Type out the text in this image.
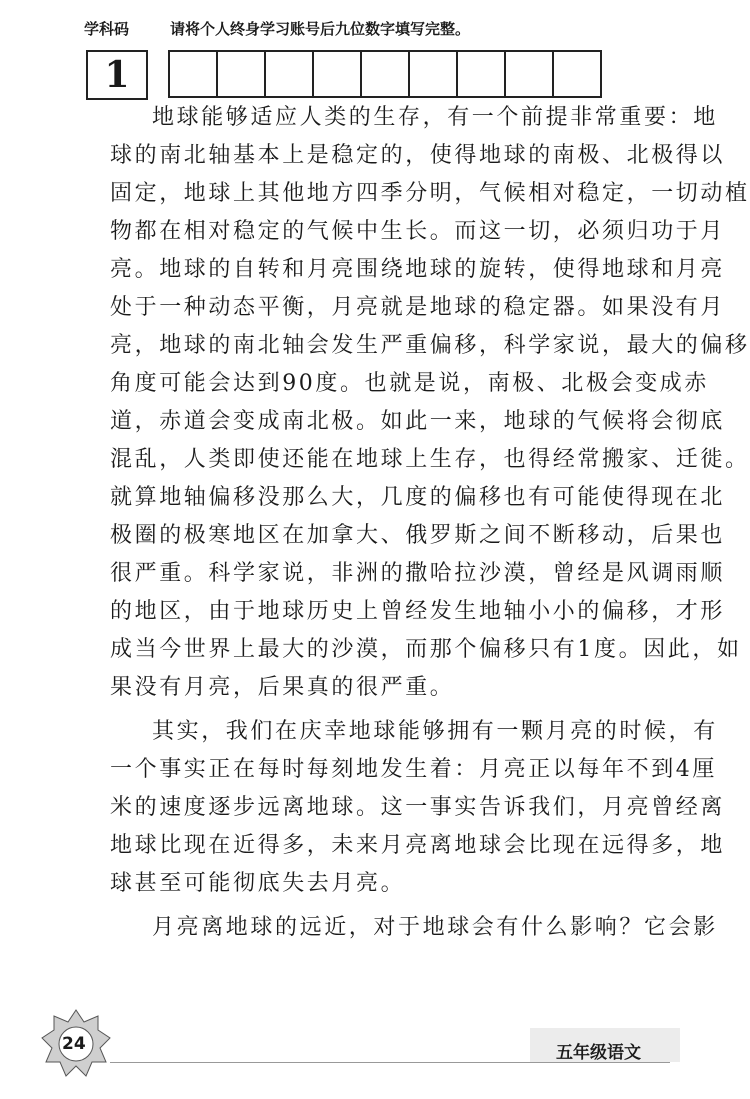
学科码	请将个人终身学习账号后九位数字填写完整。
1
地球能够适应人类的生存，有一个前提非常重要：地
球的南北轴基本上是稳定的，使得地球的南极、北极得以
固定，地球上其他地方四季分明，气候相对稳定，一切动植
物都在相对稳定的气候中生长。而这一切，必须归功于月
亮。地球的自转和月亮围绕地球的旋转，使得地球和月亮
处于一种动态平衡，月亮就是地球的稳定器。如果没有月
亮，地球的南北轴会发生严重偏移，科学家说，最大的偏移
角度可能会达到90度。也就是说，南极、北极会变成赤
道，赤道会变成南北极。如此一来，地球的气候将会彻底
混乱，人类即使还能在地球上生存，也得经常搬家、迁徙。
就算地轴偏移没那么大，几度的偏移也有可能使得现在北
极圈的极寒地区在加拿大、俄罗斯之间不断移动，后果也
很严重。科学家说，非洲的撒哈拉沙漠，曾经是风调雨顺
的地区，由于地球历史上曾经发生地轴小小的偏移，才形
成当今世界上最大的沙漠，而那个偏移只有1度。因此，如
果没有月亮，后果真的很严重。
其实，我们在庆幸地球能够拥有一颗月亮的时候，有
一个事实正在每时每刻地发生着：月亮正以每年不到4厘
米的速度逐步远离地球。这一事实告诉我们，月亮曾经离
地球比现在近得多，未来月亮离地球会比现在远得多，地
球甚至可能彻底失去月亮。
月亮离地球的远近，对于地球会有什么影响？它会影
24	五年级语文
